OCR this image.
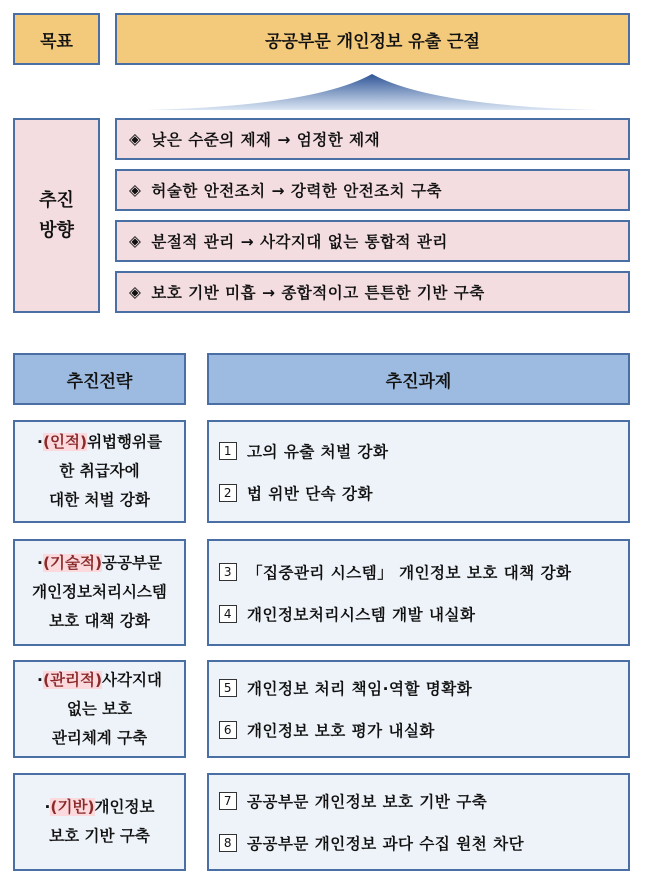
목표	공공부문 개인정보 유출 근절
추진
방향
◈ 낮은 수준의 제재 → 엄정한 제재
◈ 허술한 안전조치 → 강력한 안전조치 구축
◈ 분절적 관리 → 사각지대 없는 통합적 관리
◈ 보호 기반 미흡 → 종합적이고 튼튼한 기반 구축
추진전략	추진과제
·(인적)위법행위를
한 취급자에
대한 처벌 강화
1 고의 유출 처벌 강화
2 법 위반 단속 강화
·(기술적)공공부문
개인정보처리시스템
보호 대책 강화
3 「집중관리 시스템」 개인정보 보호 대책 강화
4 개인정보처리시스템 개발 내실화
·(관리적)사각지대
없는 보호
관리체계 구축
5 개인정보 처리 책임·역할 명확화
6 개인정보 보호 평가 내실화
·(기반)개인정보
보호 기반 구축
7 공공부문 개인정보 보호 기반 구축
8 공공부문 개인정보 과다 수집 원천 차단
